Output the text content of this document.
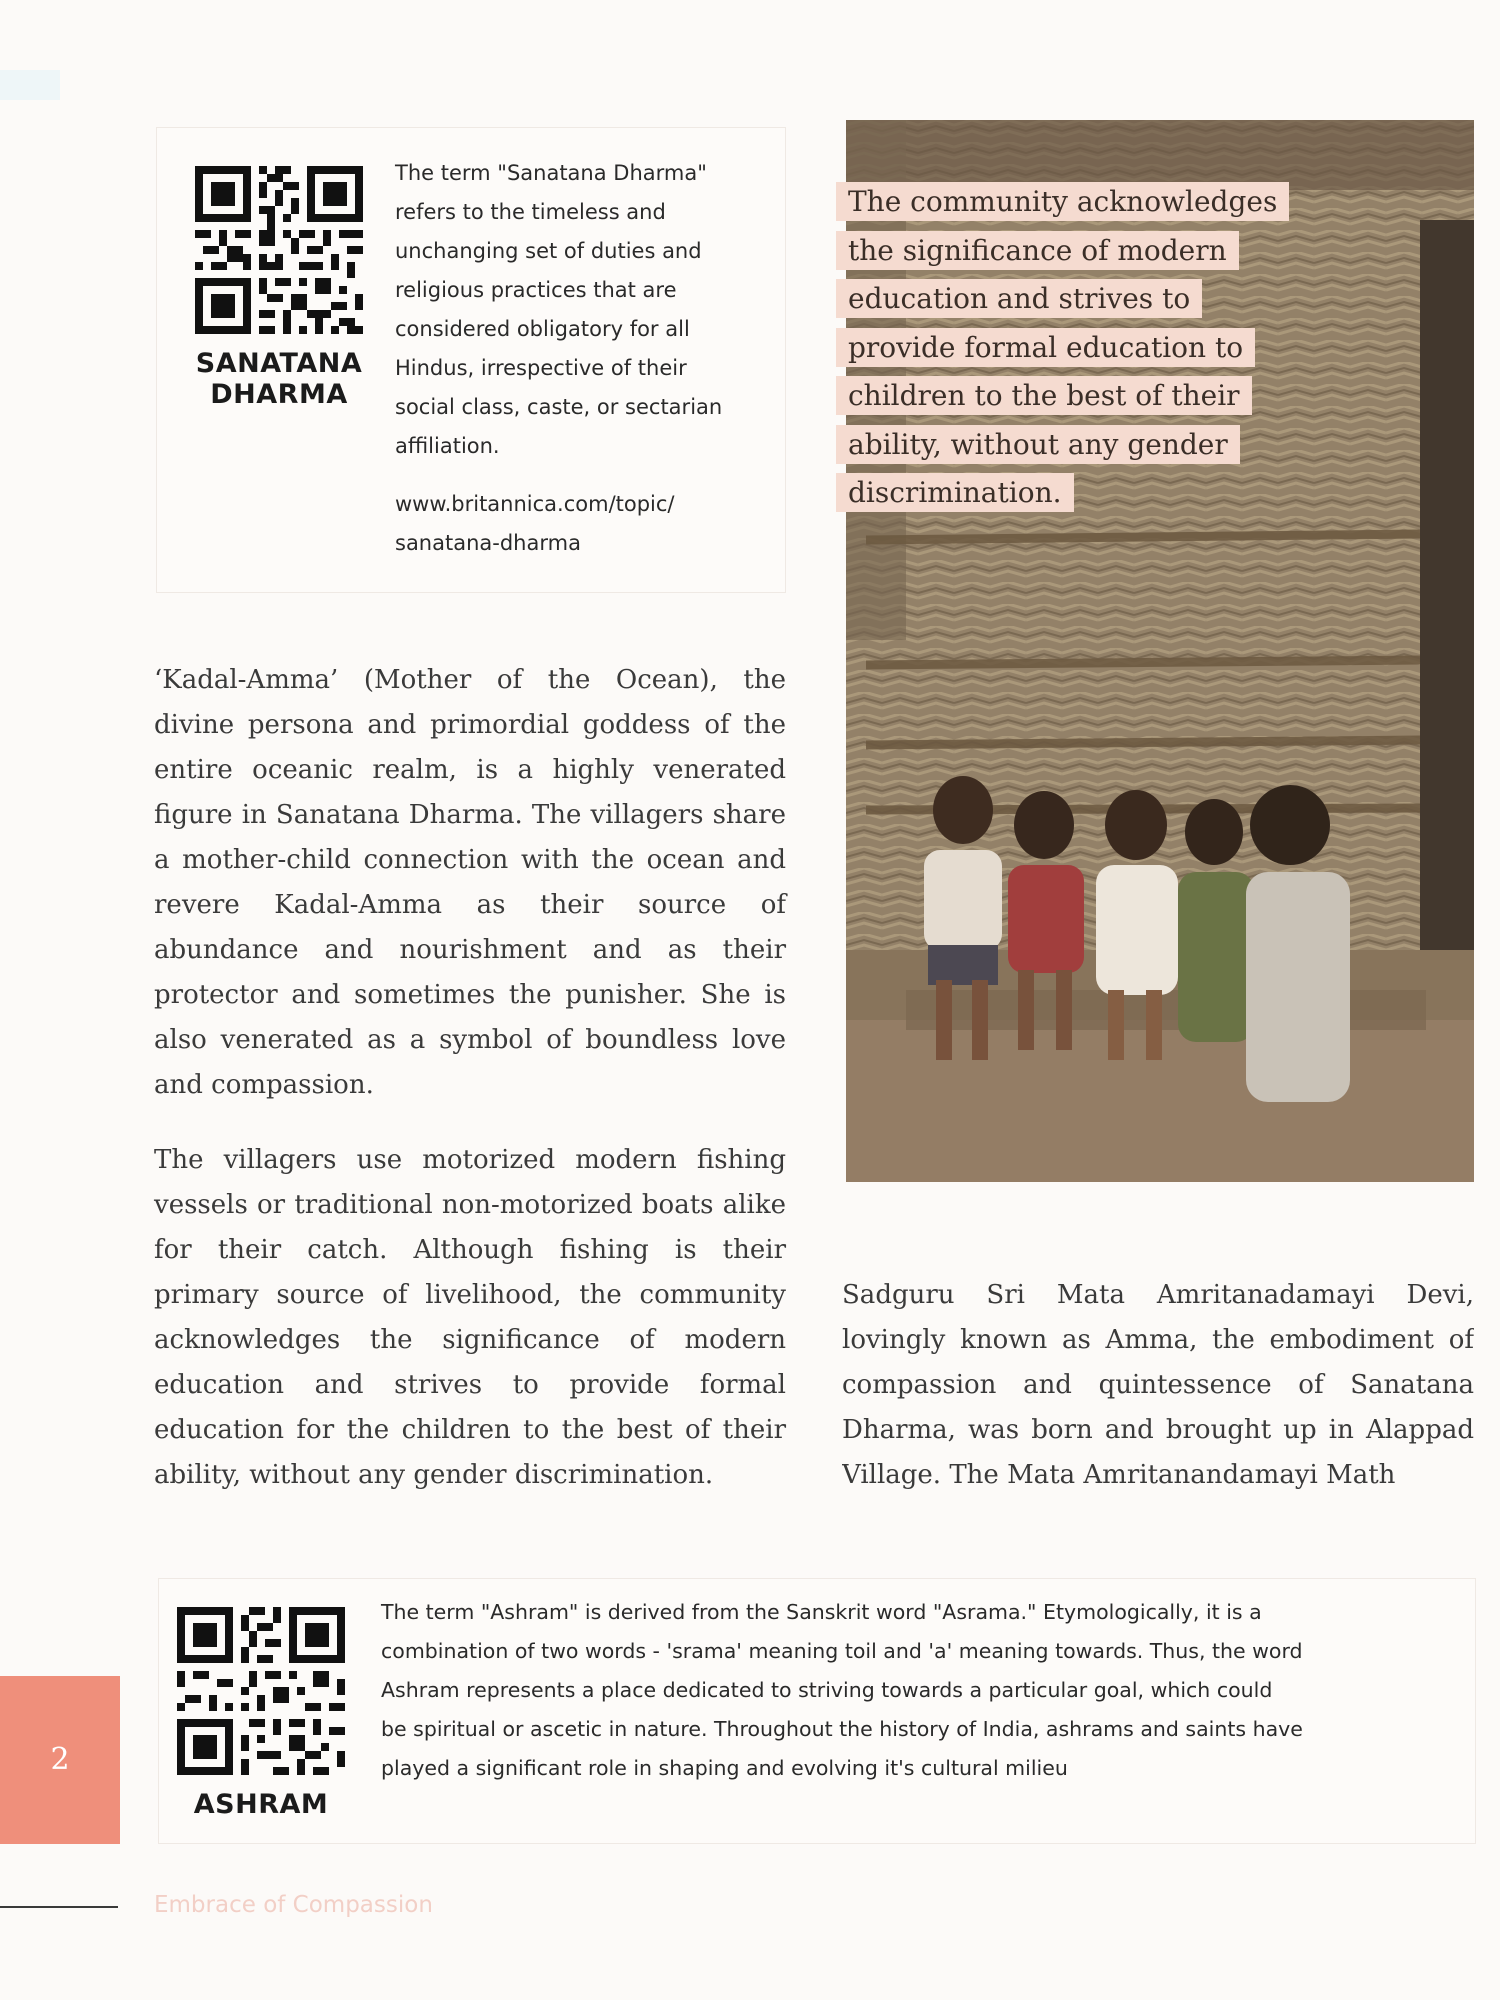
SANATANA
DHARMA
The term "Sanatana Dharma"
refers to the timeless and
unchanging set of duties and
religious practices that are
considered obligatory for all
Hindus, irrespective of their
social class, caste, or sectarian
affiliation.
www.britannica.com/topic/
sanatana-dharma
The community acknowledges
the significance of modern
education and strives to
provide formal education to
children to the best of their
ability, without any gender
discrimination.

‘Kadal-Amma’ (Mother of the Ocean), the divine persona and primordial goddess of the entire oceanic realm, is a highly venerated figure in Sanatana Dharma. The villagers share a mother-child connection with the ocean and revere Kadal-Amma as their source of abundance and nourishment and as their protector and sometimes the punisher. She is also venerated as a symbol of boundless love and compassion.

The villagers use motorized modern fishing vessels or traditional non-motorized boats alike for their catch. Although fishing is their primary source of livelihood, the community acknowledges the significance of modern education and strives to provide formal education for the children to the best of their ability, without any gender discrimination.

Sadguru Sri Mata Amritanadamayi Devi, lovingly known as Amma, the embodiment of compassion and quintessence of Sanatana Dharma, was born and brought up in Alappad Village. The Mata Amritanandamayi Math

ASHRAM
The term "Ashram" is derived from the Sanskrit word "Asrama." Etymologically, it is a
combination of two words - 'srama' meaning toil and 'a' meaning towards. Thus, the word
Ashram represents a place dedicated to striving towards a particular goal, which could
be spiritual or ascetic in nature. Throughout the history of India, ashrams and saints have
played a significant role in shaping and evolving it's cultural milieu
2
Embrace of Compassion
